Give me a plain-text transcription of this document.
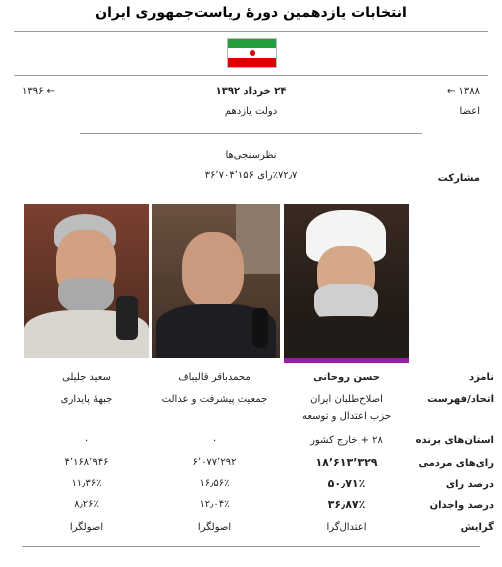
انتخابات یازدهمین دورهٔ ریاست‌جمهوری ایران
۱۳۸۸ ←
← ۱۳۹۶	۲۴ خرداد ۱۳۹۲
دولت یازدهم	اعضا
نظرسنجی‌ها
مشارکت
٪۷۲٫۷رای ۳۶٬۷۰۴٬۱۵۶
نامزد
اتحاد/فهرست
استان‌های برنده
رای‌های مردمی
درصد رای
درصد واجدان
گرایش
حسن روحانی
اصلاح‌طلبان ایران
حزب اعتدال و توسعه
۲۸ + خارج کشور
۱۸٬۶۱۳٬۳۲۹
۵۰٫۷۱٪
۳۶٫۸۷٪
اعتدال‌گرا
محمدباقر قالیباف
جمعیت پیشرفت و عدالت
۰
۶٬۰۷۷٬۲۹۲
۱۶٫۵۶٪
۱۲٫۰۴٪
اصولگرا
سعید جلیلی
جبههٔ پایداری
۰
۴٬۱۶۸٬۹۴۶
۱۱٫۳۶٪
۸٫۲۶٪
اصولگرا
